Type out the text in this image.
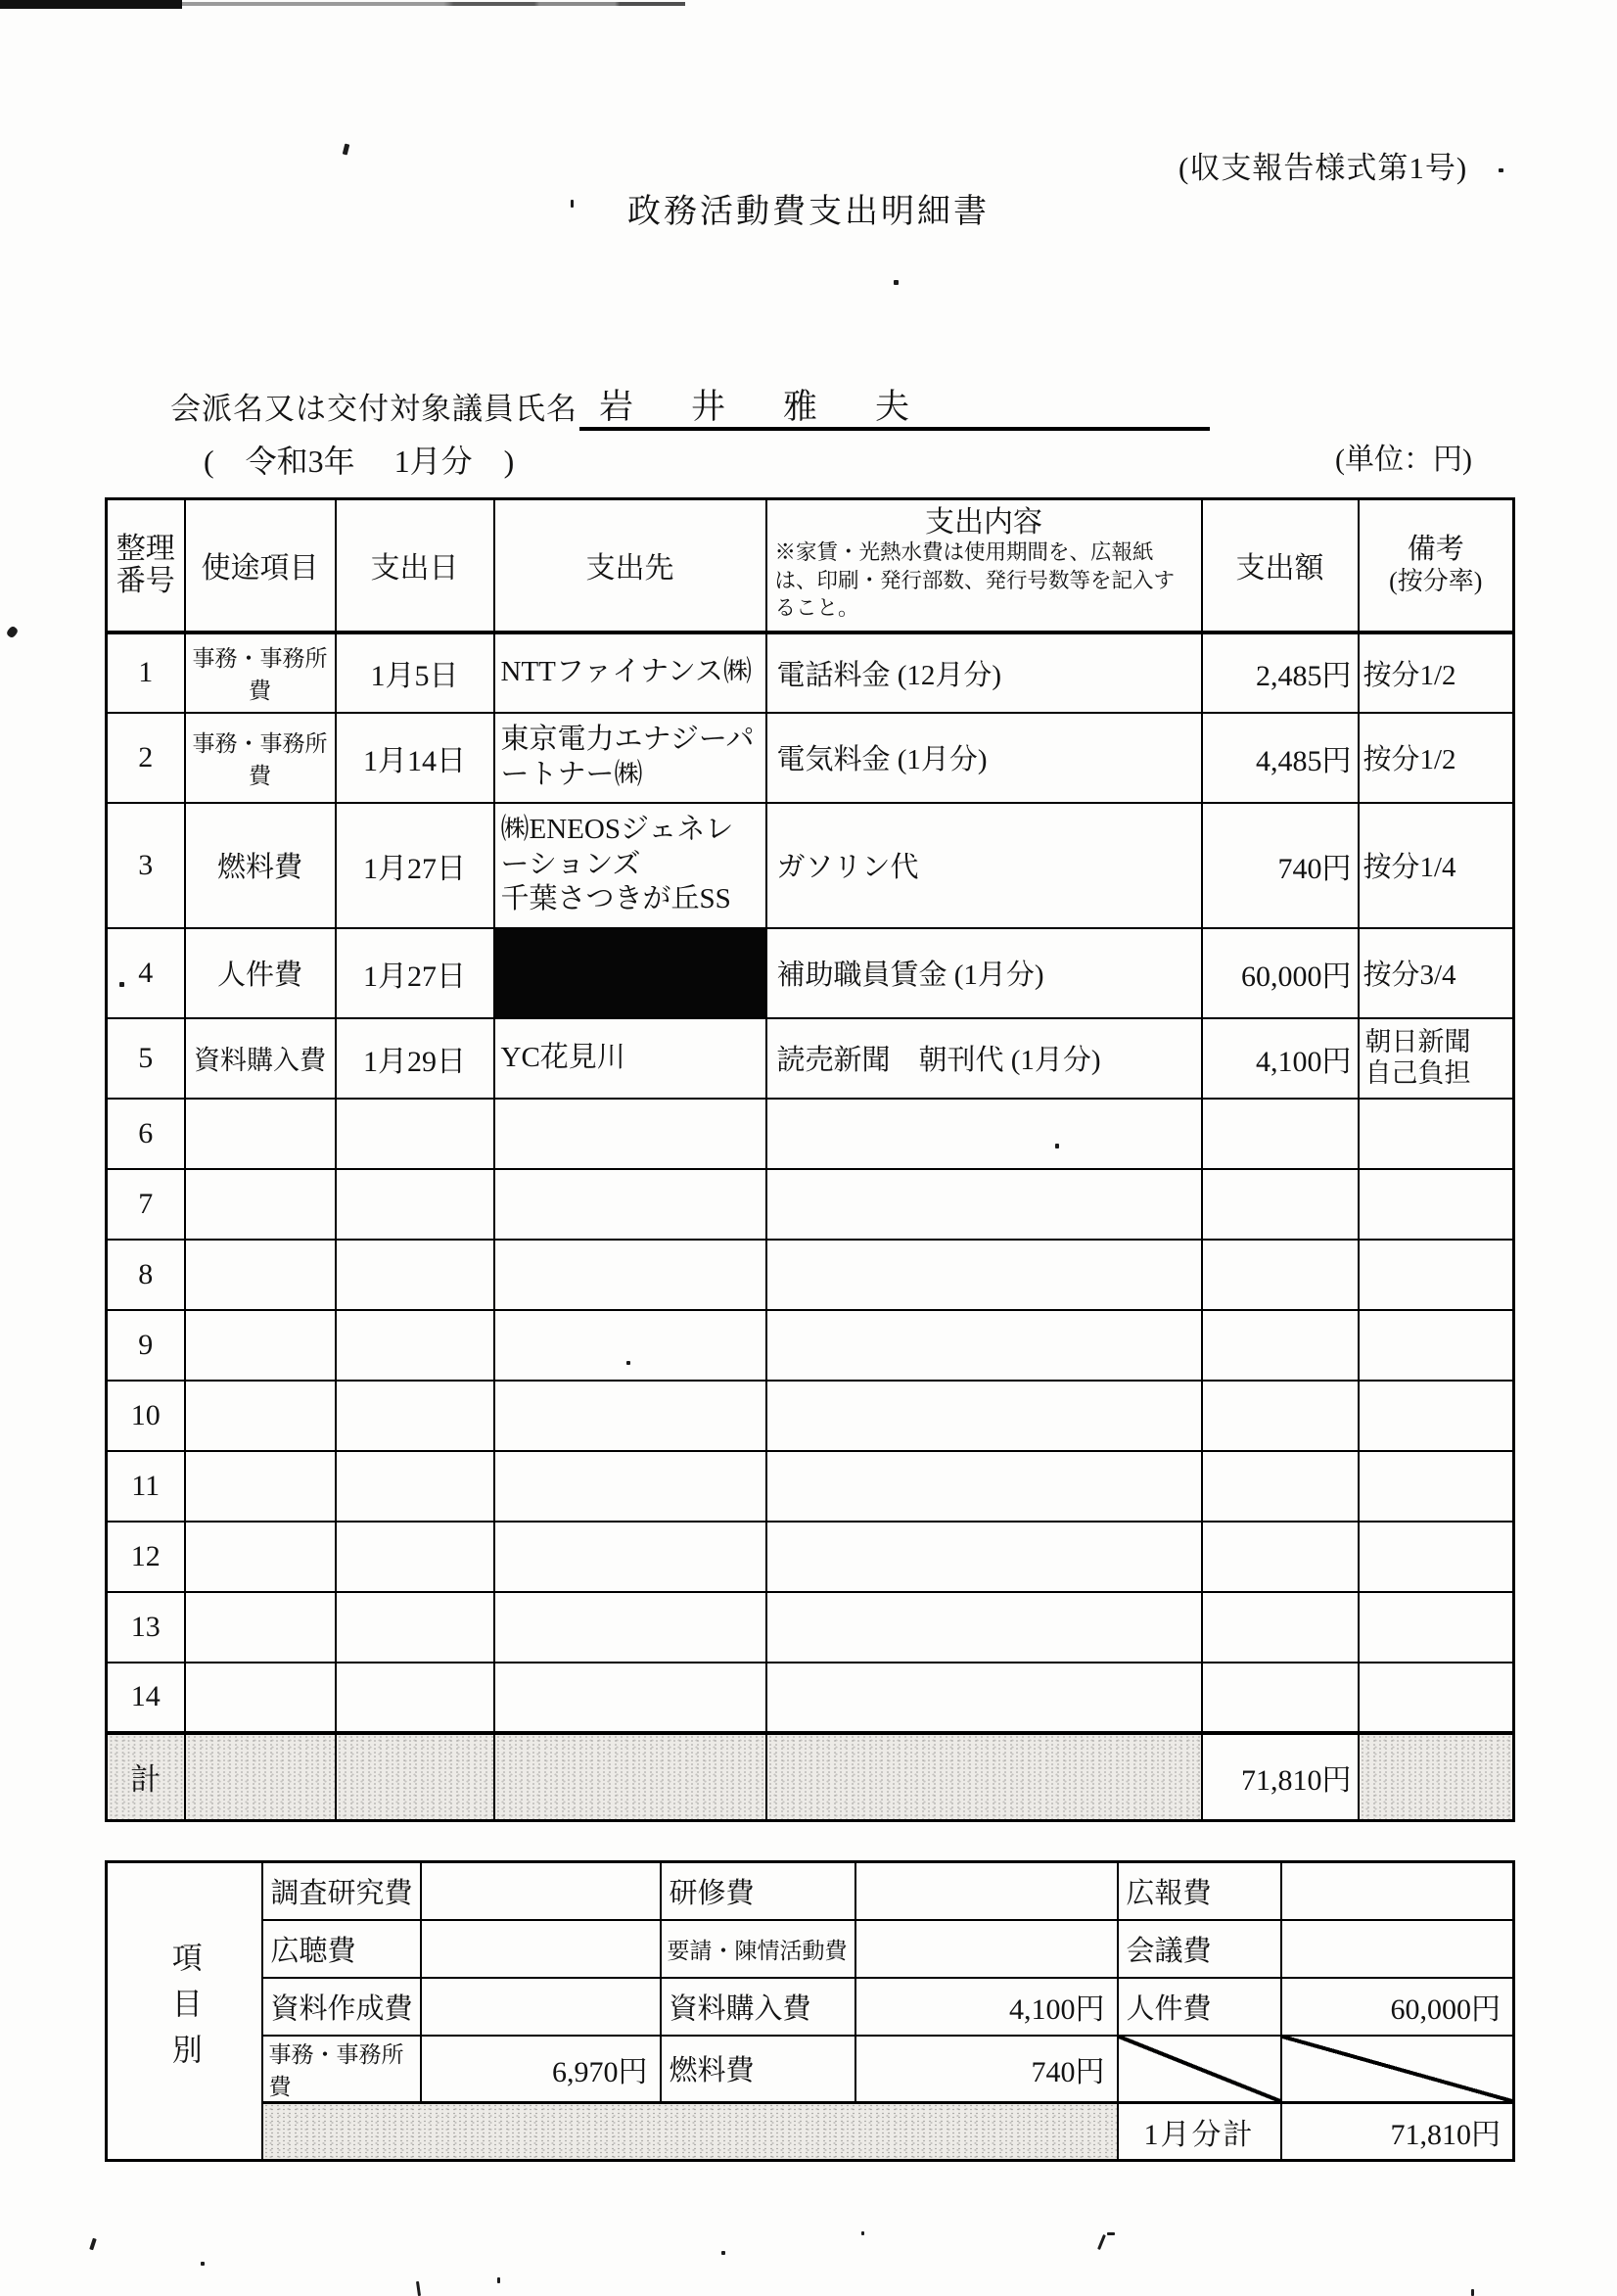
(収支報告様式第1号)
政務活動費支出明細書
会派名又は交付対象議員氏名 岩　井　雅　夫
(　令和3年　 1月分　)	(単位：円)
整理
番号	使途項目	支出日	支出先	
支出内容
※家賃・光熱水費は使用期間を、広報紙は、印刷・発行部数、発行号数等を記入すること。
	支出額	
備考
(按分率)

1	事務・事務所費	1月5日	NTTファイナンス㈱	電話料金 (12月分)	2,485円	按分1/2
2	事務・事務所費	1月14日	東京電力エナジーパートナー㈱	電気料金 (1月分)	4,485円	按分1/2
3	燃料費	1月27日	㈱ENEOSジェネレーションズ
千葉さつきが丘SS	ガソリン代	740円	按分1/4
4	人件費	1月27日		補助職員賃金 (1月分)	60,000円	按分3/4
5	資料購入費	1月29日	YC花見川	読売新聞　朝刊代 (1月分)	4,100円	朝日新聞
自己負担

6						
7						
8						
9						
10						
11						
12						
13						
14						
計					71,810円	
項目別	調査研究費		研修費		広報費	
	広聴費		要請・陳情活動費		会議費	
	資料作成費		資料購入費	4,100円	人件費	60,000円
	事務・事務所費	6,970円	燃料費	740円		
					1月分計	71,810円
